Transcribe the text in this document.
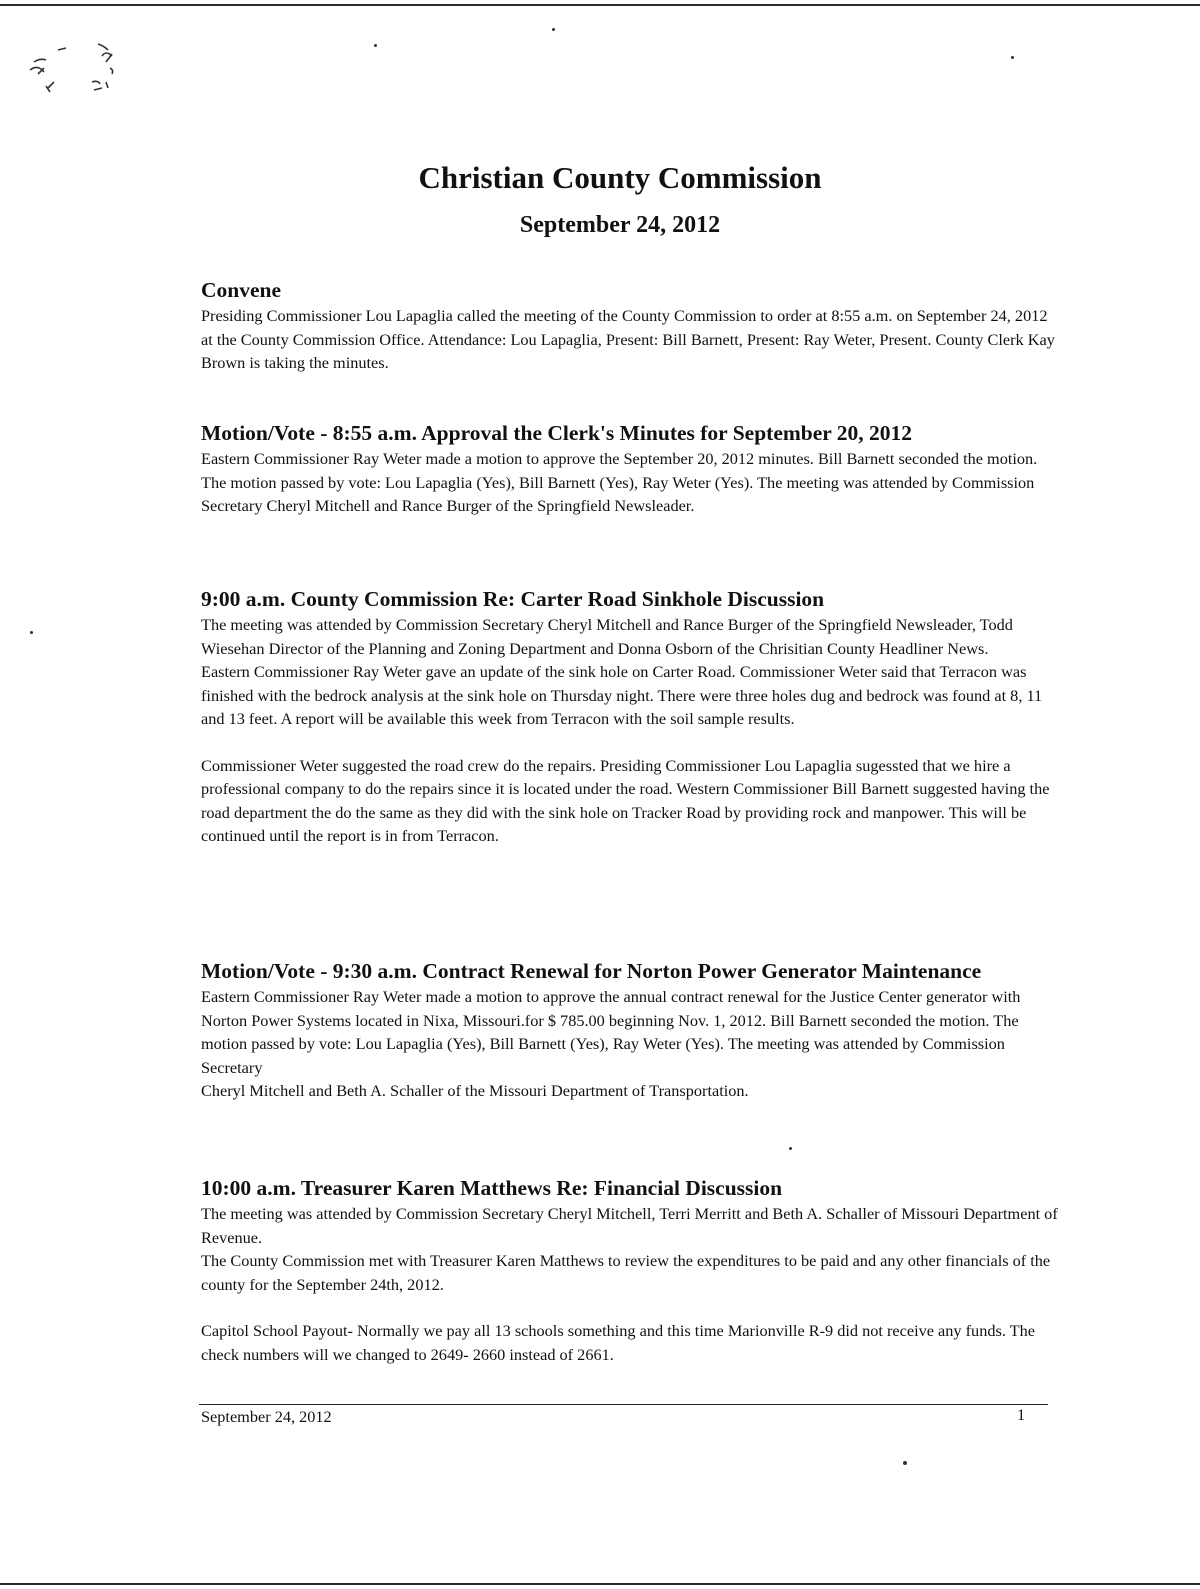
Christian County Commission
September 24, 2012
Convene

Presiding Commissioner Lou Lapaglia called the meeting of the County Commission to order at 8:55 a.m. on September 24, 2012 at the County Commission Office. Attendance: Lou Lapaglia, Present: Bill Barnett, Present: Ray Weter, Present. County Clerk Kay Brown is taking the minutes.

Motion/Vote - 8:55 a.m. Approval the Clerk's Minutes for September 20, 2012

Eastern Commissioner Ray Weter made a motion to approve the September 20, 2012 minutes. Bill Barnett seconded the motion. The motion passed by vote: Lou Lapaglia (Yes), Bill Barnett (Yes), Ray Weter (Yes). The meeting was attended by Commission Secretary Cheryl Mitchell and Rance Burger of the Springfield Newsleader.

9:00 a.m. County Commission Re: Carter Road Sinkhole Discussion

The meeting was attended by Commission Secretary Cheryl Mitchell and Rance Burger of the Springfield Newsleader, Todd Wiesehan Director of the Planning and Zoning Department and Donna Osborn of the Chrisitian County Headliner News.

Eastern Commissioner Ray Weter gave an update of the sink hole on Carter Road. Commissioner Weter said that Terracon was finished with the bedrock analysis at the sink hole on Thursday night. There were three holes dug and bedrock was found at 8, 11 and 13 feet. A report will be available this week from Terracon with the soil sample results.

Commissioner Weter suggested the road crew do the repairs. Presiding Commissioner Lou Lapaglia sugessted that we hire a professional company to do the repairs since it is located under the road. Western Commissioner Bill Barnett suggested having the road department the do the same as they did with the sink hole on Tracker Road by providing rock and manpower. This will be continued until the report is in from Terracon.

Motion/Vote - 9:30 a.m. Contract Renewal for Norton Power Generator Maintenance

Eastern Commissioner Ray Weter made a motion to approve the annual contract renewal for the Justice Center generator with Norton Power Systems located in Nixa, Missouri.for $ 785.00 beginning Nov. 1, 2012. Bill Barnett seconded the motion. The motion passed by vote: Lou Lapaglia (Yes), Bill Barnett (Yes), Ray Weter (Yes). The meeting was attended by Commission Secretary

Cheryl Mitchell and Beth A. Schaller of the Missouri Department of Transportation.

10:00 a.m. Treasurer Karen Matthews Re: Financial Discussion

The meeting was attended by Commission Secretary Cheryl Mitchell, Terri Merritt and Beth A. Schaller of Missouri Department of Revenue.

The County Commission met with Treasurer Karen Matthews to review the expenditures to be paid and any other financials of the county for the September 24th, 2012.

Capitol School Payout- Normally we pay all 13 schools something and this time Marionville R-9 did not receive any funds. The check numbers will we changed to 2649- 2660 instead of 2661.

September 24, 2012	1
